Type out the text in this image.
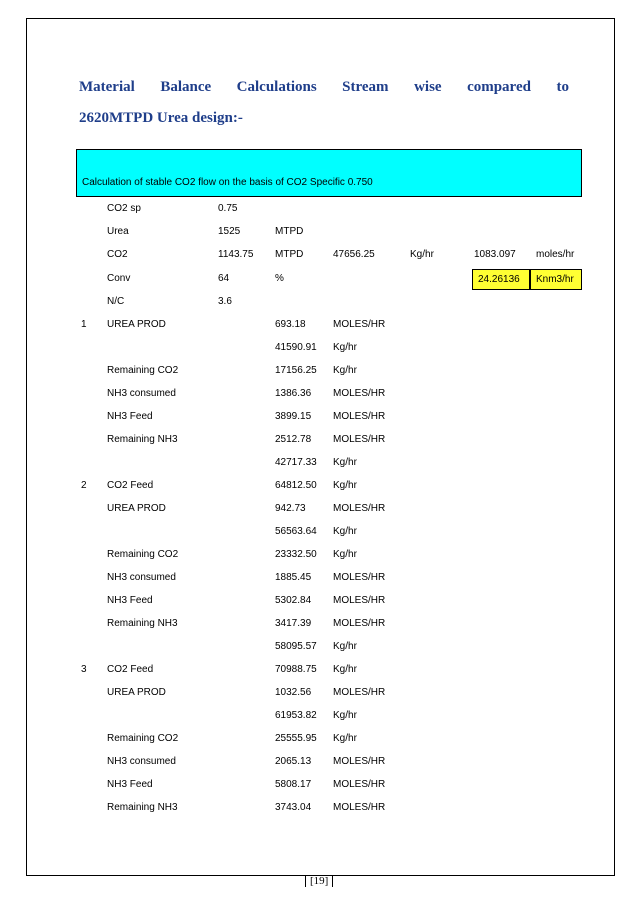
Material Balance Calculations Stream wise compared to
2620MTPD Urea design:-
Calculation of stable CO2 flow on the basis of CO2 Specific 0.750
CO2 sp	0.75
Urea	1525	MTPD
CO2	1143.75 MTPD	47656.25	Kg/hr	1083.097 moles/hr
Conv	64	%	24.26136 Knm3/hr
N/C	3.6
1 UREA PROD	693.18	MOLES/HR
41590.91 Kg/hr
Remaining CO2	17156.25 Kg/hr
NH3 consumed	1386.36 MOLES/HR
NH3 Feed	3899.15 MOLES/HR
Remaining NH3	2512.78 MOLES/HR
42717.33 Kg/hr
2 CO2 Feed	64812.50 Kg/hr
UREA PROD	942.73	MOLES/HR
56563.64 Kg/hr
Remaining CO2	23332.50 Kg/hr
NH3 consumed	1885.45 MOLES/HR
NH3 Feed	5302.84 MOLES/HR
Remaining NH3	3417.39 MOLES/HR
58095.57 Kg/hr
3 CO2 Feed	70988.75 Kg/hr
UREA PROD	1032.56 MOLES/HR
61953.82 Kg/hr
Remaining CO2	25555.95 Kg/hr
NH3 consumed	2065.13 MOLES/HR
NH3 Feed	5808.17 MOLES/HR
Remaining NH3	3743.04 MOLES/HR
[19]
